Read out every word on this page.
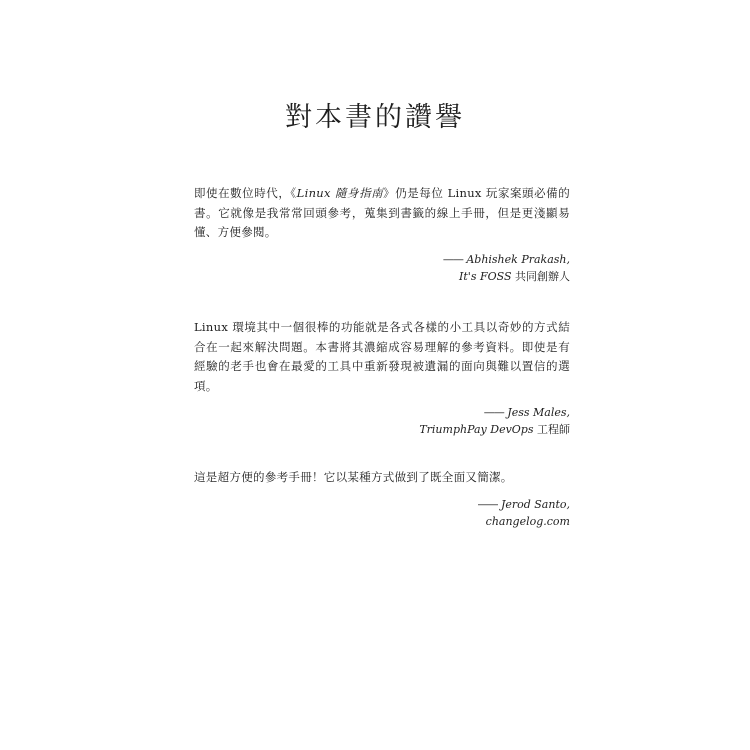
對本書的讚譽

即使在數位時代，《Linux 隨身指南》仍是每位 Linux 玩家案頭必備的書。它就像是我常常回頭參考，蒐集到書籤的線上手冊，但是更淺顯易懂、方便參閱。

—— Abhishek Prakash,
It's FOSS 共同創辦人

Linux 環境其中一個很棒的功能就是各式各樣的小工具以奇妙的方式結合在一起來解決問題。本書將其濃縮成容易理解的參考資料。即使是有經驗的老手也會在最愛的工具中重新發現被遺漏的面向與難以置信的選項。

—— Jess Males,
TriumphPay DevOps 工程師

這是超方便的參考手冊！它以某種方式做到了既全面又簡潔。

—— Jerod Santo,
changelog.com
